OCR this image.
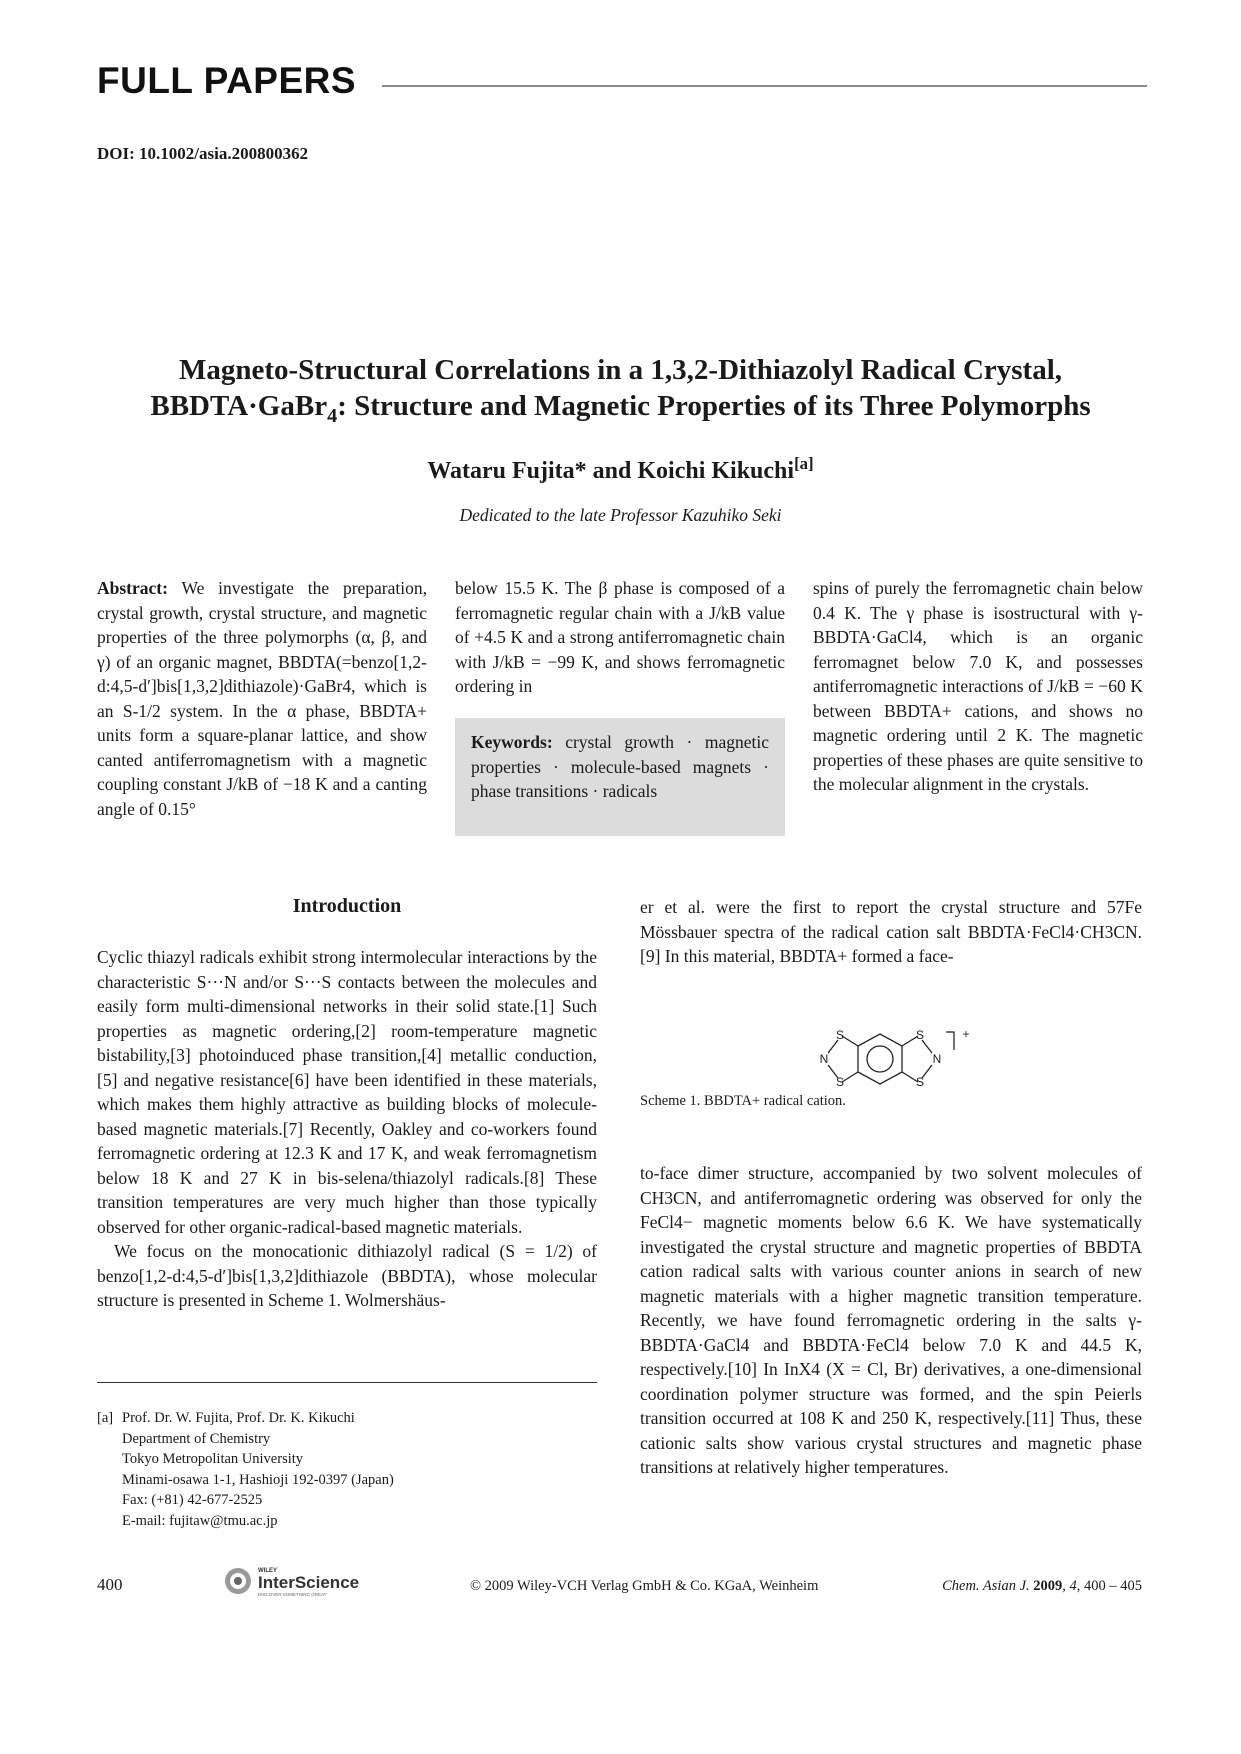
FULL PAPERS
DOI: 10.1002/asia.200800362
Magneto-Structural Correlations in a 1,3,2-Dithiazolyl Radical Crystal,
BBDTA·GaBr$_4$: Structure and Magnetic Properties of its Three Polymorphs
Wataru Fujita* and Koichi Kikuchi[a]
Dedicated to the late Professor Kazuhiko Seki
Abstract: We investigate the preparation, crystal growth, crystal structure, and magnetic properties of the three polymorphs (α, β, and γ) of an organic magnet, BBDTA(=benzo[1,2-d:4,5-d′]bis[1,3,2]dithiazole)·GaBr4, which is an S-1/2 system. In the α phase, BBDTA+ units form a square-planar lattice, and show canted antiferromagnetism with a magnetic coupling constant J/kB of −18 K and a canting angle of 0.15°
below 15.5 K. The β phase is composed of a ferromagnetic regular chain with a J/kB value of +4.5 K and a strong antiferromagnetic chain with J/kB = −99 K, and shows ferromagnetic ordering in
Keywords: crystal growth · magnetic properties · molecule-based magnets · phase transitions · radicals
spins of purely the ferromagnetic chain below 0.4 K. The γ phase is isostructural with γ-BBDTA·GaCl4, which is an organic ferromagnet below 7.0 K, and possesses antiferromagnetic interactions of J/kB = −60 K between BBDTA+ cations, and shows no magnetic ordering until 2 K. The magnetic properties of these phases are quite sensitive to the molecular alignment in the crystals.
Introduction

Cyclic thiazyl radicals exhibit strong intermolecular interactions by the characteristic S···N and/or S···S contacts between the molecules and easily form multi-dimensional networks in their solid state.[1] Such properties as magnetic ordering,[2] room-temperature magnetic bistability,[3] photoinduced phase transition,[4] metallic conduction,[5] and negative resistance[6] have been identified in these materials, which makes them highly attractive as building blocks of molecule-based magnetic materials.[7] Recently, Oakley and co-workers found ferromagnetic ordering at 12.3 K and 17 K, and weak ferromagnetism below 18 K and 27 K in bis-selena/thiazolyl radicals.[8] These transition temperatures are very much higher than those typically observed for other organic-radical-based magnetic materials.

We focus on the monocationic dithiazolyl radical (S = 1/2) of benzo[1,2-d:4,5-d′]bis[1,3,2]dithiazole (BBDTA), whose molecular structure is presented in Scheme 1. Wolmershäus-

er et al. were the first to report the crystal structure and 57Fe Mössbauer spectra of the radical cation salt BBDTA·FeCl4·CH3CN.[9] In this material, BBDTA+ formed a face-
S
S
N
S
S
N
+
Scheme 1. BBDTA+ radical cation.
to-face dimer structure, accompanied by two solvent molecules of CH3CN, and antiferromagnetic ordering was observed for only the FeCl4− magnetic moments below 6.6 K. We have systematically investigated the crystal structure and magnetic properties of BBDTA cation radical salts with various counter anions in search of new magnetic materials with a higher magnetic transition temperature. Recently, we have found ferromagnetic ordering in the salts γ-BBDTA·GaCl4 and BBDTA·FeCl4 below 7.0 K and 44.5 K, respectively.[10] In InX4 (X = Cl, Br) derivatives, a one-dimensional coordination polymer structure was formed, and the spin Peierls transition occurred at 108 K and 250 K, respectively.[11] Thus, these cationic salts show various crystal structures and magnetic phase transitions at relatively higher temperatures.
[a] Prof. Dr. W. Fujita, Prof. Dr. K. Kikuchi
Department of Chemistry
Tokyo Metropolitan University
Minami-osawa 1-1, Hashioji 192-0397 (Japan)
Fax: (+81) 42-677-2525
E-mail: fujitaw@tmu.ac.jp
400
WILEY
InterScience
DISCOVER SOMETHING GREAT
© 2009 Wiley-VCH Verlag GmbH & Co. KGaA, Weinheim	Chem. Asian J. 2009, 4, 400 – 405
